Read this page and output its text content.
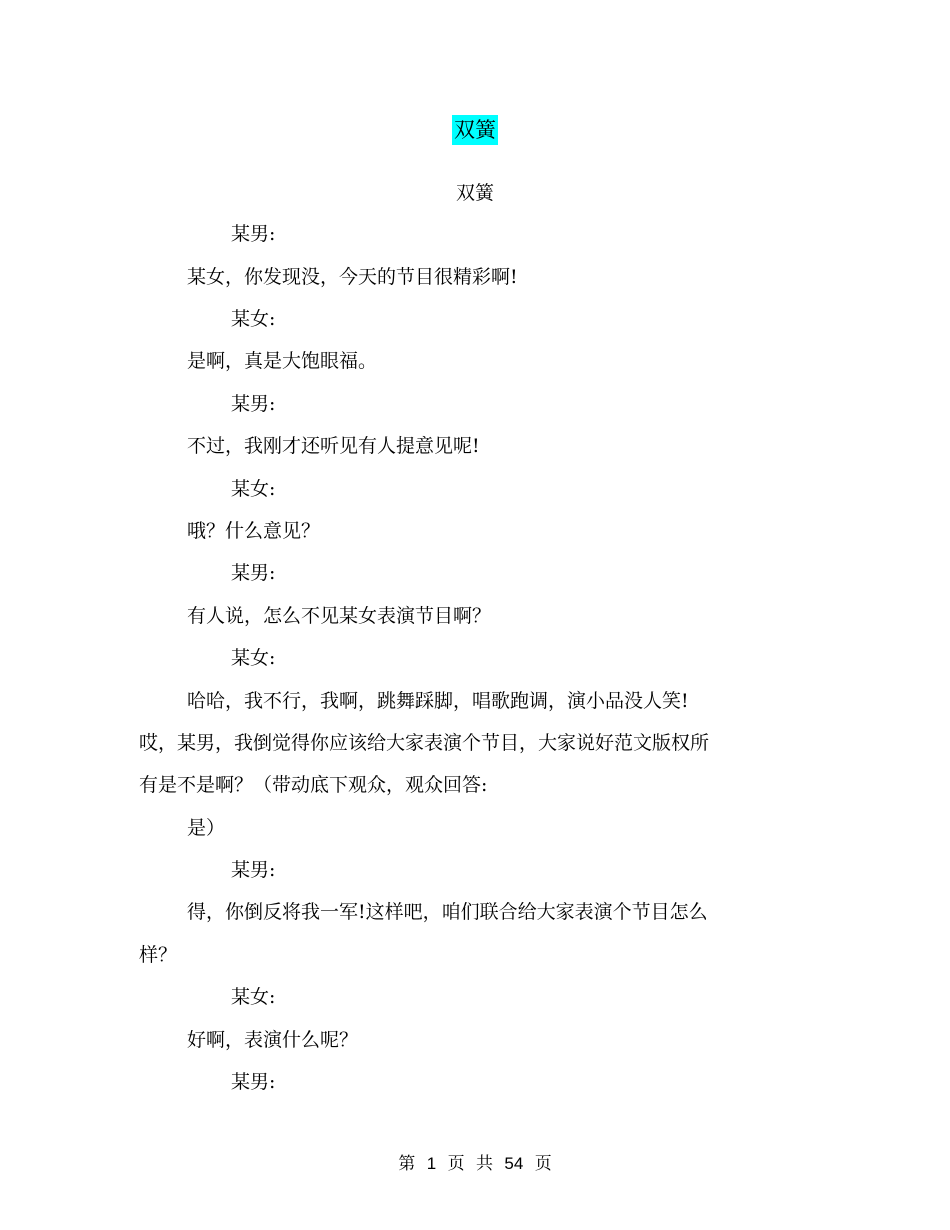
双簧
双簧
某男:
某女，你发现没，今天的节目很精彩啊!
某女:
是啊，真是大饱眼福。
某男:
不过，我刚才还听见有人提意见呢!
某女:
哦？什么意见？
某男:
有人说，怎么不见某女表演节目啊？
某女:
哈哈，我不行，我啊，跳舞踩脚，唱歌跑调，演小品没人笑!
哎，某男，我倒觉得你应该给大家表演个节目，大家说好范文版权所
有是不是啊？（带动底下观众，观众回答:
是）
某男:
得，你倒反将我一军!这样吧，咱们联合给大家表演个节目怎么
样？
某女:
好啊，表演什么呢？
某男:
第 1 页 共 54 页
